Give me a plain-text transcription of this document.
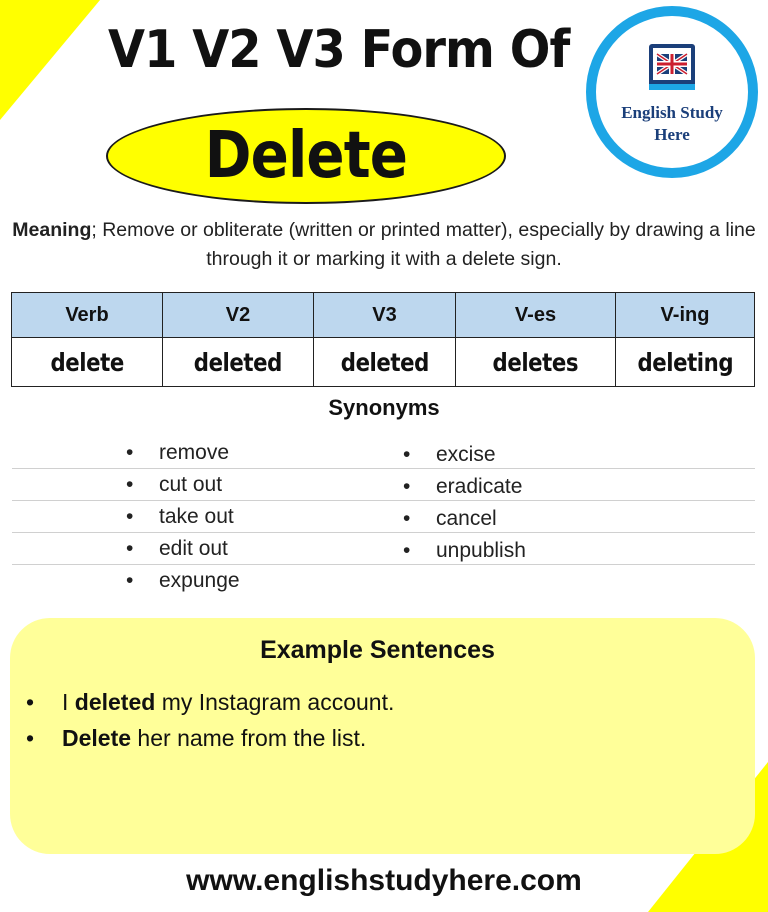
V1 V2 V3 Form Of
Delete
English Study
Here
Meaning; Remove or obliterate (written or printed matter), especially by drawing a line through it or marking it with a delete sign.
Verb	V2	V3	V-es	V-ing
delete	deleted	deleted	deletes	deleting
Synonyms
• remove
• cut out
• take out
• edit out
• expunge
• excise
• eradicate
• cancel
• unpublish
Example Sentences
• I deleted my Instagram account.
• Delete her name from the list.
www.englishstudyhere.com
